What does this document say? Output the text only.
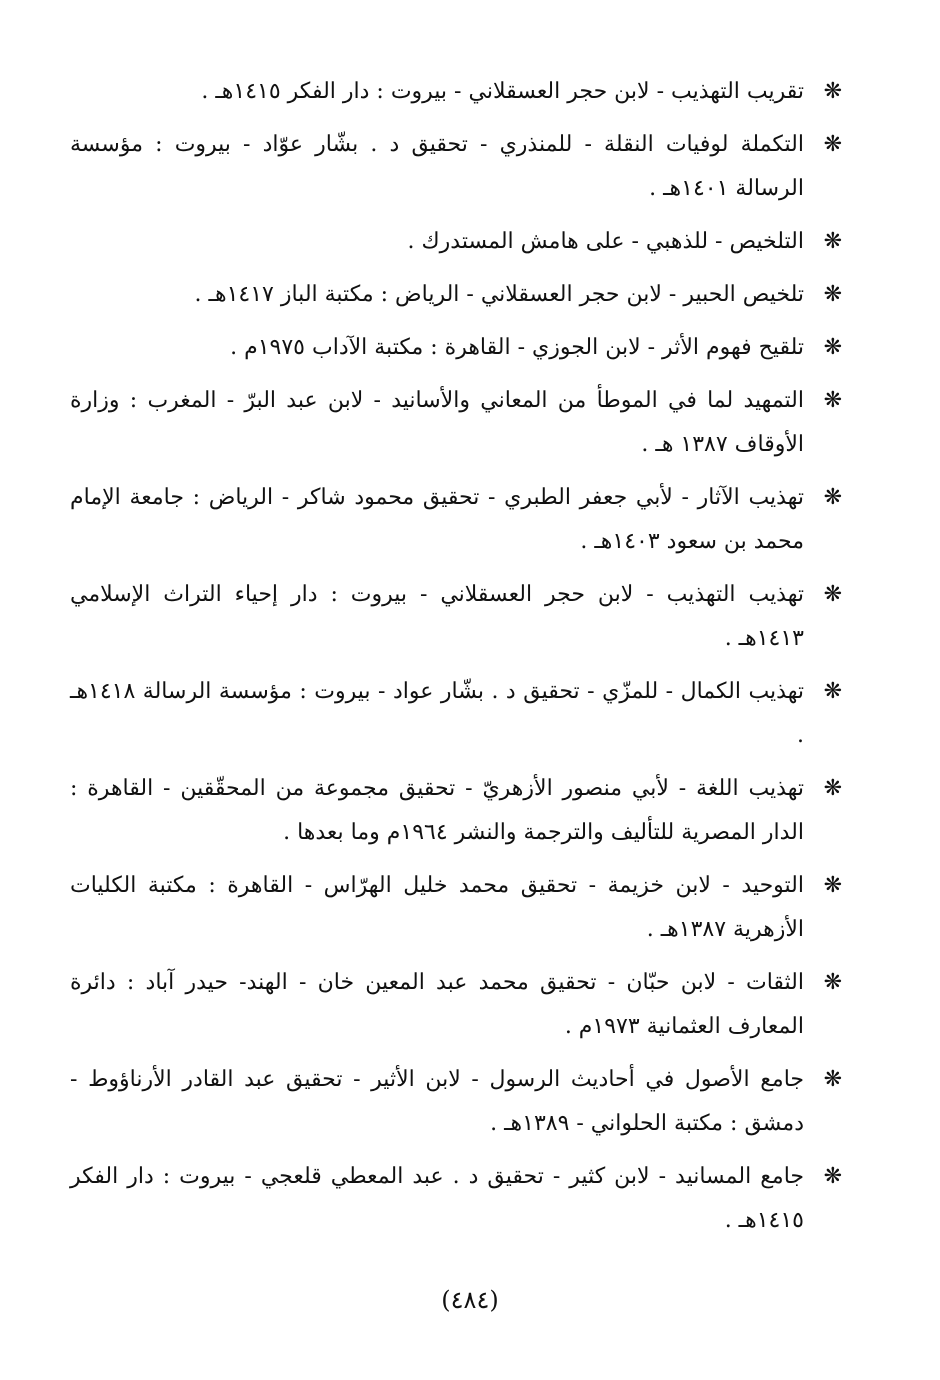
❋
تقريب التهذيب - لابن حجر العسقلاني - بيروت : دار الفكر ١٤١٥هـ .
❋
التكملة لوفيات النقلة - للمنذري - تحقيق د . بشّار عوّاد - بيروت : مؤسسة الرسالة ١٤٠١هـ .
❋
التلخيص - للذهبي - على هامش المستدرك .
❋
تلخيص الحبير - لابن حجر العسقلاني - الرياض : مكتبة الباز ١٤١٧هـ .
❋
تلقيح فهوم الأثر - لابن الجوزي - القاهرة : مكتبة الآداب ١٩٧٥م .
❋
التمهيد لما في الموطأ من المعاني والأسانيد - لابن عبد البرّ - المغرب : وزارة الأوقاف ١٣٨٧ هـ .
❋
تهذيب الآثار - لأبي جعفر الطبري - تحقيق محمود شاكر - الرياض : جامعة الإمام محمد بن سعود ١٤٠٣هـ .
❋
تهذيب التهذيب - لابن حجر العسقلاني - بيروت : دار إحياء التراث الإسلامي ١٤١٣هـ .
❋
تهذيب الكمال - للمزّي - تحقيق د . بشّار عواد - بيروت : مؤسسة الرسالة ١٤١٨هـ .
❋
تهذيب اللغة - لأبي منصور الأزهريّ - تحقيق مجموعة من المحقّقين - القاهرة : الدار المصرية للتأليف والترجمة والنشر ١٩٦٤م وما بعدها .
❋
التوحيد - لابن خزيمة - تحقيق محمد خليل الهرّاس - القاهرة : مكتبة الكليات الأزهرية ١٣٨٧هـ .
❋
الثقات - لابن حبّان - تحقيق محمد عبد المعين خان - الهند- حيدر آباد : دائرة المعارف العثمانية ١٩٧٣م .
❋
جامع الأصول في أحاديث الرسول - لابن الأثير - تحقيق عبد القادر الأرناؤوط - دمشق : مكتبة الحلواني - ١٣٨٩هـ .
❋
جامع المسانيد - لابن كثير - تحقيق د . عبد المعطي قلعجي - بيروت : دار الفكر ١٤١٥هـ .
(٤٨٤)
